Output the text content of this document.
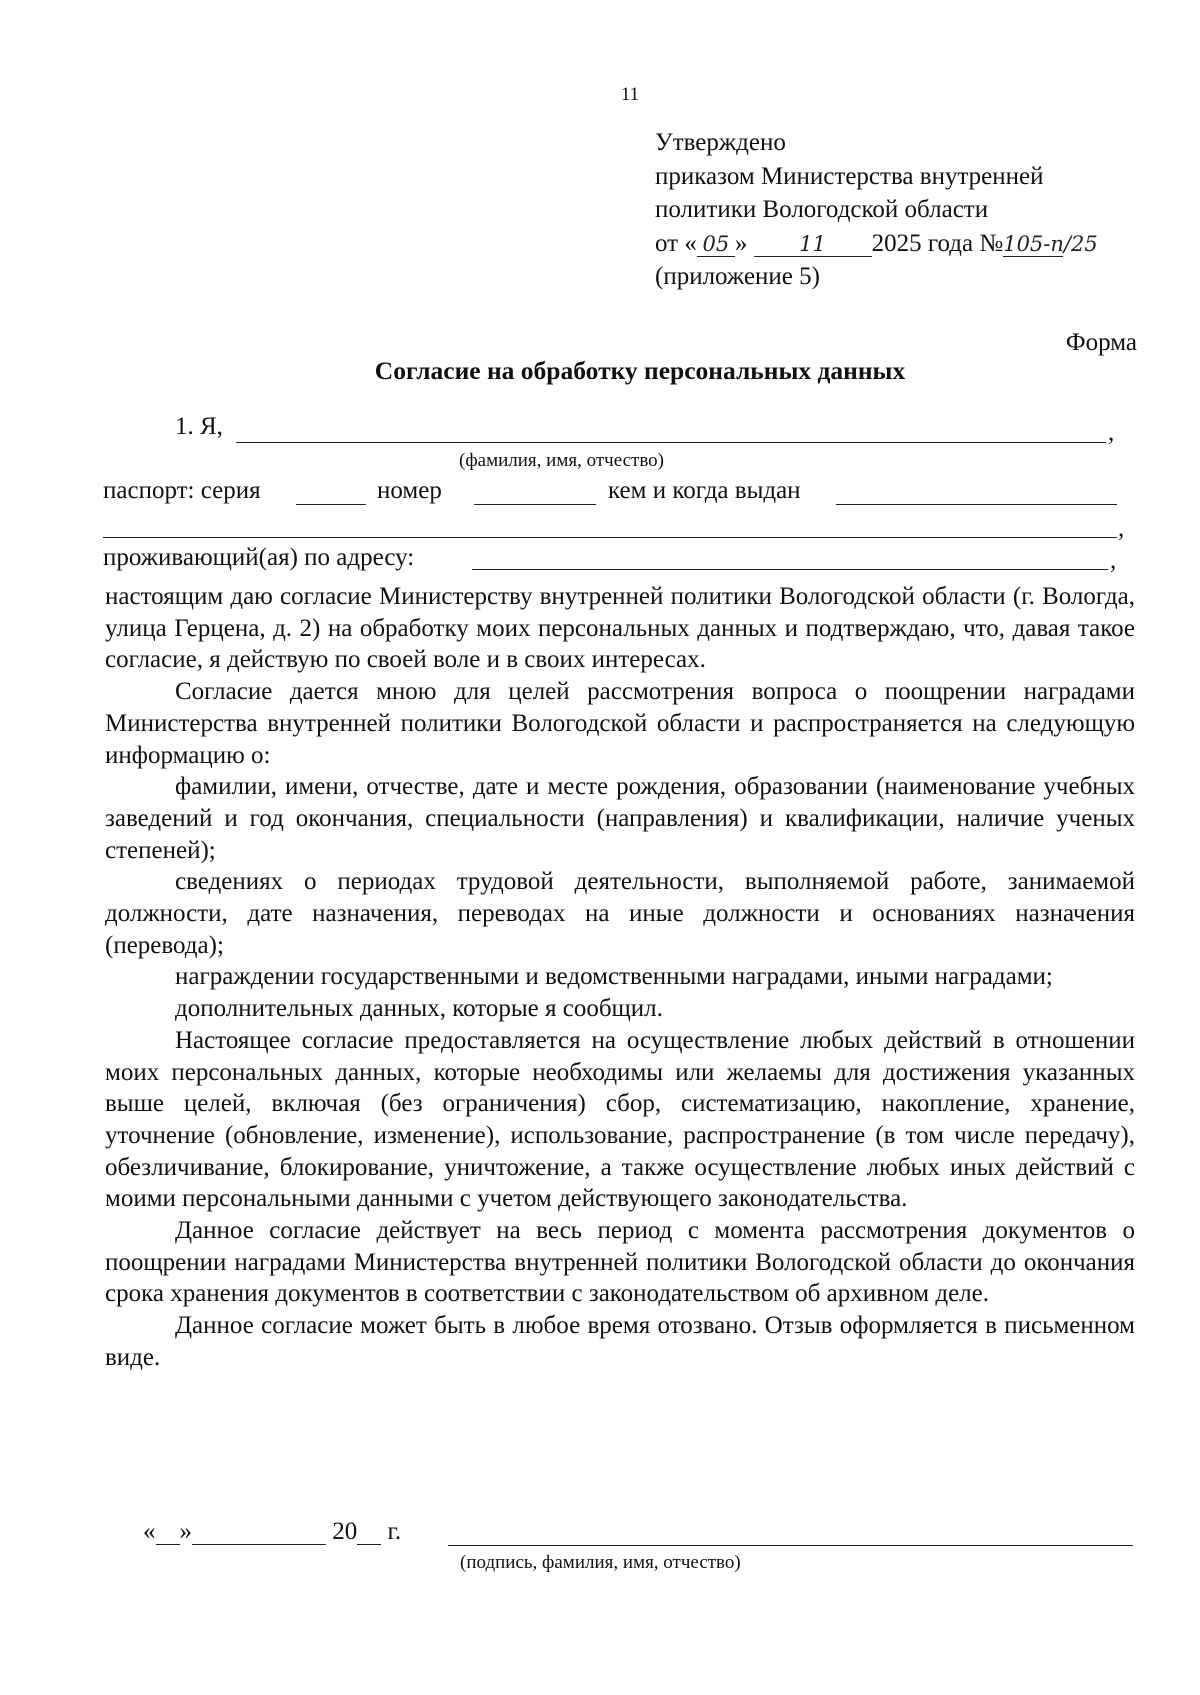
11
Утверждено
приказом Министерства внутренней
политики Вологодской области
от « 05 » 11 2025 года №105-п/25
(приложение 5)
Форма
Согласие на обработку персональных данных
1. Я,	,
(фамилия, имя, отчество)
паспорт: серия	номер	кем и когда выдан
,
проживающий(ая) по адресу:	,

настоящим даю согласие Министерству внутренней политики Вологодской области (г. Вологда, улица Герцена, д. 2) на обработку моих персональных данных и подтверждаю, что, давая такое согласие, я действую по своей воле и в своих интересах.

Согласие дается мною для целей рассмотрения вопроса о поощрении наградами Министерства внутренней политики Вологодской области и распространяется на следующую информацию о:

фамилии, имени, отчестве, дате и месте рождения, образовании (наименование учебных заведений и год окончания, специальности (направления) и квалификации, наличие ученых степеней);

сведениях о периодах трудовой деятельности, выполняемой работе, занимаемой должности, дате назначения, переводах на иные должности и основаниях назначения (перевода);

награждении государственными и ведомственными наградами, иными наградами;

дополнительных данных, которые я сообщил.

Настоящее согласие предоставляется на осуществление любых действий в отношении моих персональных данных, которые необходимы или желаемы для достижения указанных выше целей, включая (без ограничения) сбор, систематизацию, накопление, хранение, уточнение (обновление, изменение), использование, распространение (в том числе передачу), обезличивание, блокирование, уничтожение, а также осуществление любых иных действий с моими персональными данными с учетом действующего законодательства.

Данное согласие действует на весь период с момента рассмотрения документов о поощрении наградами Министерства внутренней политики Вологодской области до окончания срока хранения документов в соответствии с законодательством об архивном деле.

Данное согласие может быть в любое время отозвано. Отзыв оформляется в письменном виде.

« »	20 г.
(подпись, фамилия, имя, отчество)
